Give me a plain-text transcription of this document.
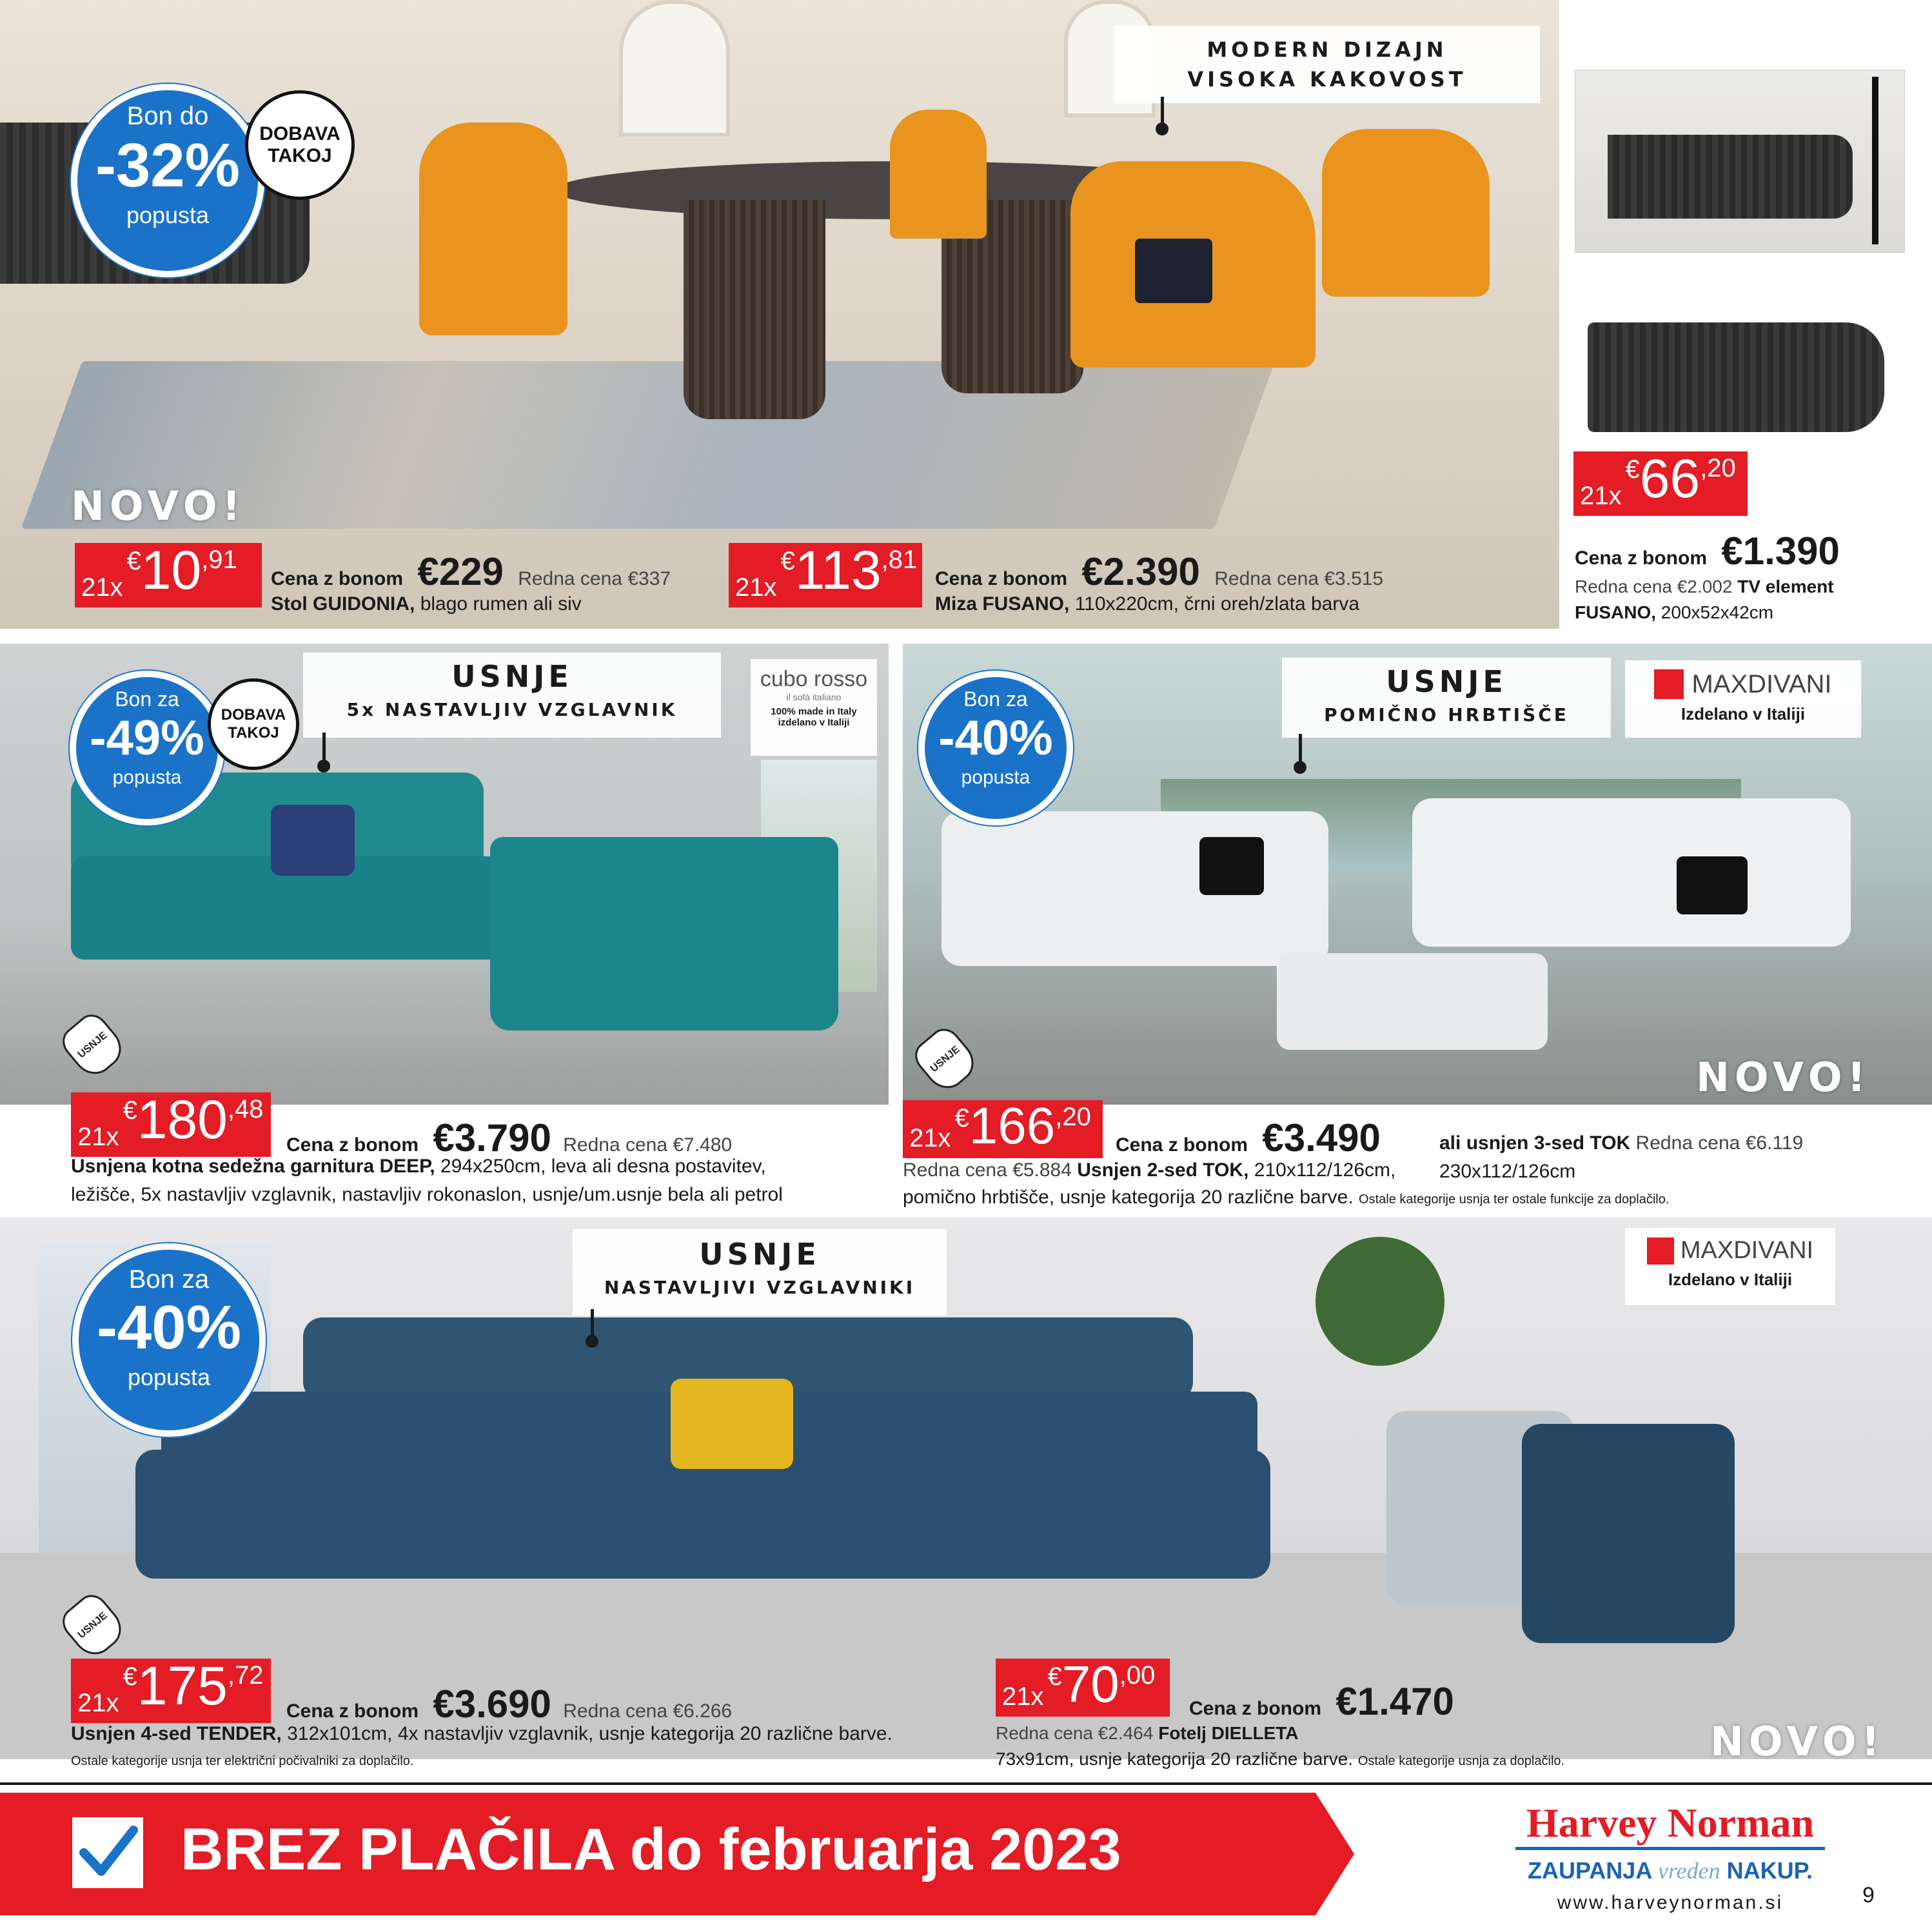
Bon do
-32%
popusta
DOBAVA
TAKOJ
MODERN DIZAJN
VISOKA KAKOVOST
NOVO!
21x
€ 10 ,91
Cena z bonom €229 Redna cena €337
Stol GUIDONIA, blago rumen ali siv
21x
€ 113 ,81
Cena z bonom €2.390 Redna cena €3.515
Miza FUSANO, 110x220cm, črni oreh/zlata barva
21x
€ 66 ,20
Cena z bonom €1.390
Redna cena €2.002 TV element
FUSANO, 200x52x42cm
Bon za
-49%
popusta
DOBAVA
TAKOJ
USNJE
5x NASTAVLJIV VZGLAVNIK
cubo rosso
il sofà italiano
100% made in Italy
izdelano v Italiji
USNJE
21x
€ 180 ,48
Cena z bonom €3.790 Redna cena €7.480
Usnjena kotna sedežna garnitura DEEP, 294x250cm, leva ali desna postavitev,
ležišče, 5x nastavljiv vzglavnik, nastavljiv rokonaslon, usnje/um.usnje bela ali petrol
Bon za
-40%
popusta
USNJE
POMIČNO HRBTIŠČE
MAXDIVANI
Izdelano v Italiji
USNJE	NOVO!
21x
€ 166 ,20
Cena z bonom €3.490	ali usnjen 3-sed TOK Redna cena €6.119
Redna cena €5.884 Usnjen 2-sed TOK, 210x112/126cm, 230x112/126cm
pomično hrbtišče, usnje kategorija 20 različne barve. Ostale kategorije usnja ter ostale funkcije za doplačilo.
Bon za
-40%
popusta
USNJE
NASTAVLJIVI VZGLAVNIKI
MAXDIVANI
Izdelano v Italiji
USNJE
NOVO!
21x
€ 175 ,72
Cena z bonom €3.690 Redna cena €6.266
Usnjen 4-sed TENDER, 312x101cm, 4x nastavljiv vzglavnik, usnje kategorija 20 različne barve.
Ostale kategorije usnja ter električni počivalniki za doplačilo.
21x
€ 70 ,00
Cena z bonom €1.470
Redna cena €2.464 Fotelj DIELLETA
73x91cm, usnje kategorija 20 različne barve. Ostale kategorije usnja za doplačilo.
BREZ PLAČILA do februarja 2023	Harvey Norman
ZAUPANJA vreden NAKUP.
www.harveynorman.si	9
